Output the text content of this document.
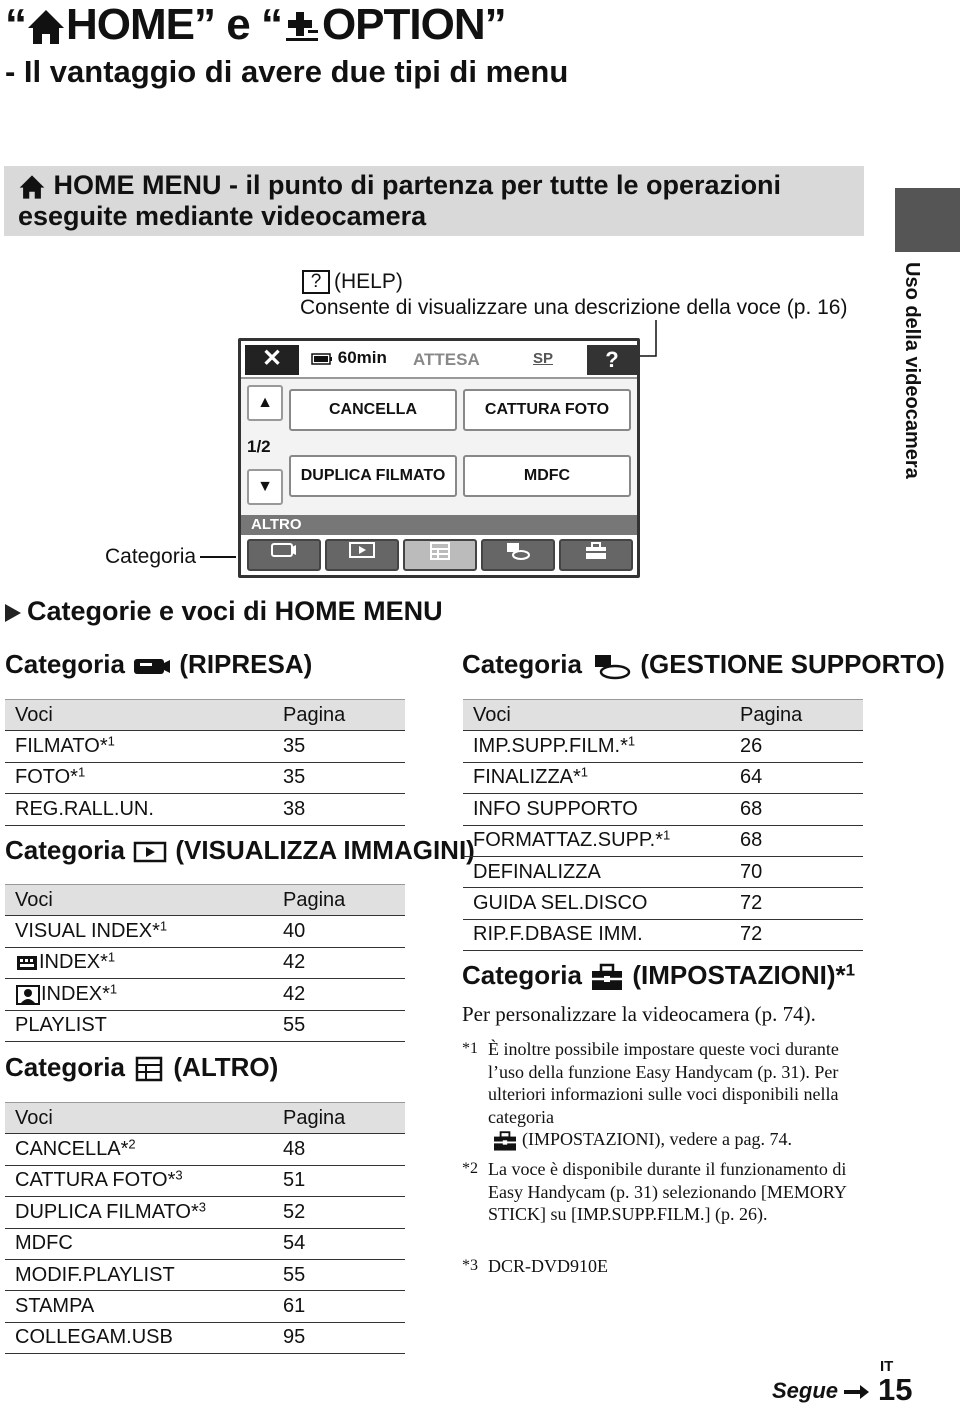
“ HOME” e “ OPTION”
- Il vantaggio di avere due tipi di menu
HOME MENU - il punto di partenza per tutte le operazioni eseguite mediante videocamera
Uso della videocamera
? (HELP)
Consente di visualizzare una descrizione della voce (p. 16)
✕	60min ATTESA	SP	?
▲
1/2
▼
CANCELLA	CATTURA FOTO
DUPLICA FILMATO	MDFC
ALTRO
Categoria
Categorie e voci di HOME MENU
Categoria (RIPRESA)
Voci	Pagina
FILMATO*$^1$	35
FOTO*$^1$	35
REG.RALL.UN.	38
Categoria (VISUALIZZA IMMAGINI)
Voci	Pagina
VISUAL INDEX*$^1$	40
INDEX*$^1$	42
INDEX*$^1$	42
PLAYLIST	55
Categoria (ALTRO)
Voci	Pagina
CANCELLA*$^2$	48
CATTURA FOTO*$^3$	51
DUPLICA FILMATO*$^3$	52
MDFC	54
MODIF.PLAYLIST	55
STAMPA	61
COLLEGAM.USB	95
Categoria (GESTIONE SUPPORTO)
Voci	Pagina
IMP.SUPP.FILM.*$^1$	26
FINALIZZA*$^1$	64
INFO SUPPORTO	68
FORMATTAZ.SUPP.*$^1$	68
DEFINALIZZA	70
GUIDA SEL.DISCO	72
RIP.F.DBASE IMM.	72
Categoria (IMPOSTAZIONI)*$^1$
Per personalizzare la videocamera (p. 74).
*1 È inoltre possibile impostare queste voci durante l’uso della funzione Easy Handycam (p. 31). Per ulteriori informazioni sulle voci disponibili nella categoria
(IMPOSTAZIONI), vedere a pag. 74.
*2 La voce è disponibile durante il funzionamento di Easy Handycam (p. 31) selezionando [MEMORY STICK] su [IMP.SUPP.FILM.] (p. 26).
*3 DCR-DVD910E
Segue
IT
15
